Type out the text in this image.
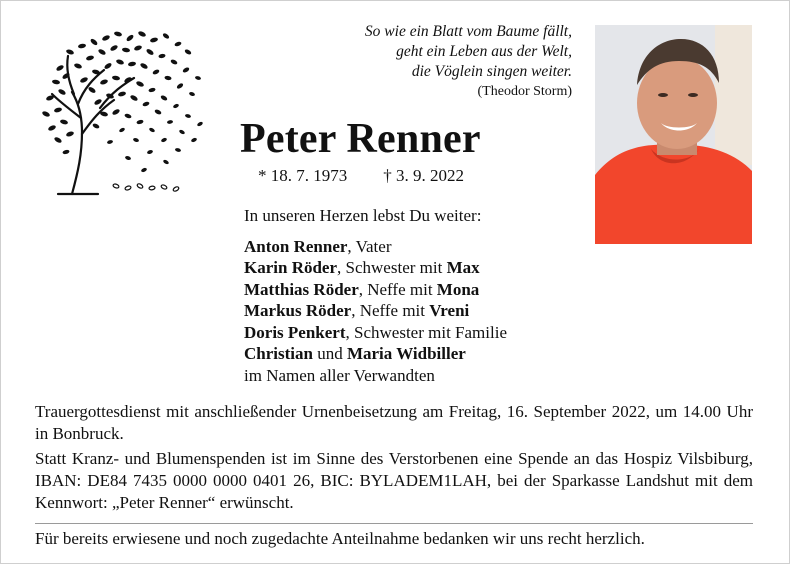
So wie ein Blatt vom Baume fällt,
geht ein Leben aus der Welt,
die Vöglein singen weiter.
(Theodor Storm)
Peter Renner
* 18. 7. 1973 † 3. 9. 2022
In unseren Herzen lebst Du weiter:
Anton Renner, Vater
Karin Röder, Schwester mit Max
Matthias Röder, Neffe mit Mona
Markus Röder, Neffe mit Vreni
Doris Penkert, Schwester mit Familie
Christian und Maria Widbiller
im Namen aller Verwandten
Trauergottesdienst mit anschließender Urnenbeisetzung am Freitag, 16. September 2022, um 14.00 Uhr in Bonbruck.
Statt Kranz- und Blumenspenden ist im Sinne des Verstorbenen eine Spende an das Hospiz Vilsbiburg, IBAN: DE84 7435 0000 0000 0401 26, BIC: BYLADEM1LAH, bei der Sparkasse Landshut mit dem Kennwort: „Peter Renner“ erwünscht.
Für bereits erwiesene und noch zugedachte Anteilnahme bedanken wir uns recht herzlich.
